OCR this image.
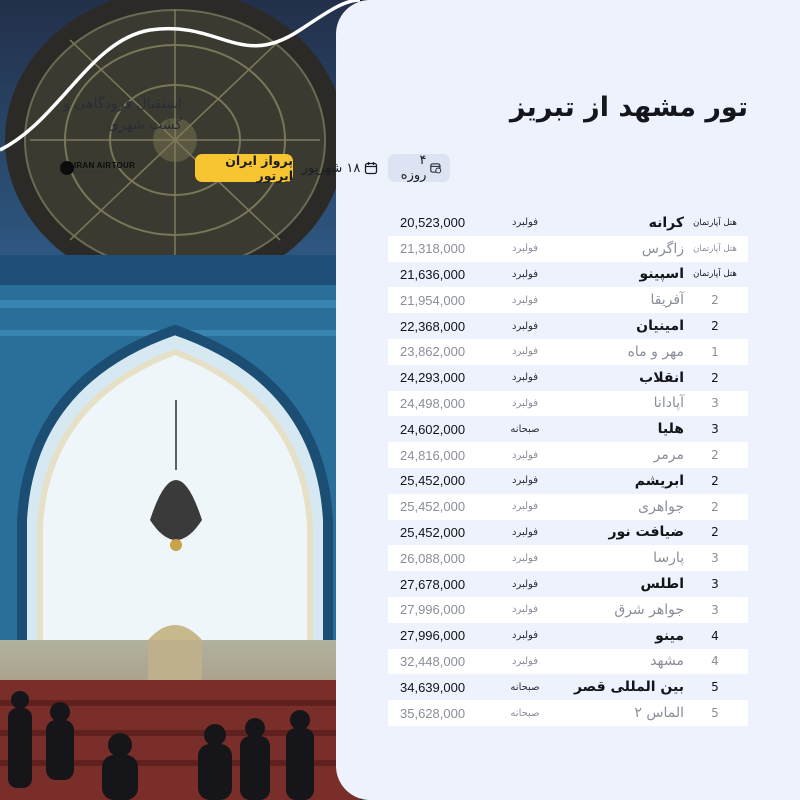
تور مشهد از تبریز
استقبال فرودگاهی و گشت شهری
۴ روزه
۱۸ شهریور
پرواز ایران ایرتور
IRAN AIRTOUR
AIRLINES
20,523,000	فولبرد	کرانه	هتل آپارتمان
21,318,000	فولبرد	زاگرس	هتل آپارتمان
21,636,000	فولبرد	اسپینو	هتل آپارتمان
21,954,000	فولبرد	آفریقا	2
22,368,000	فولبرد	امینیان	2
23,862,000	فولبرد	مهر و ماه	1
24,293,000	فولبرد	انقلاب	2
24,498,000	فولبرد	آپادانا	3
24,602,000	صبحانه	هلیا	3
24,816,000	فولبرد	مرمر	2
25,452,000	فولبرد	ابریشم	2
25,452,000	فولبرد	جواهری	2
25,452,000	فولبرد	ضیافت نور	2
26,088,000	فولبرد	پارسا	3
27,678,000	فولبرد	اطلس	3
27,996,000	فولبرد	جواهر شرق	3
27,996,000	فولبرد	مینو	4
32,448,000	فولبرد	مشهد	4
34,639,000	صبحانه	بین المللی قصر	5
35,628,000	صبحانه	الماس ۲	5
